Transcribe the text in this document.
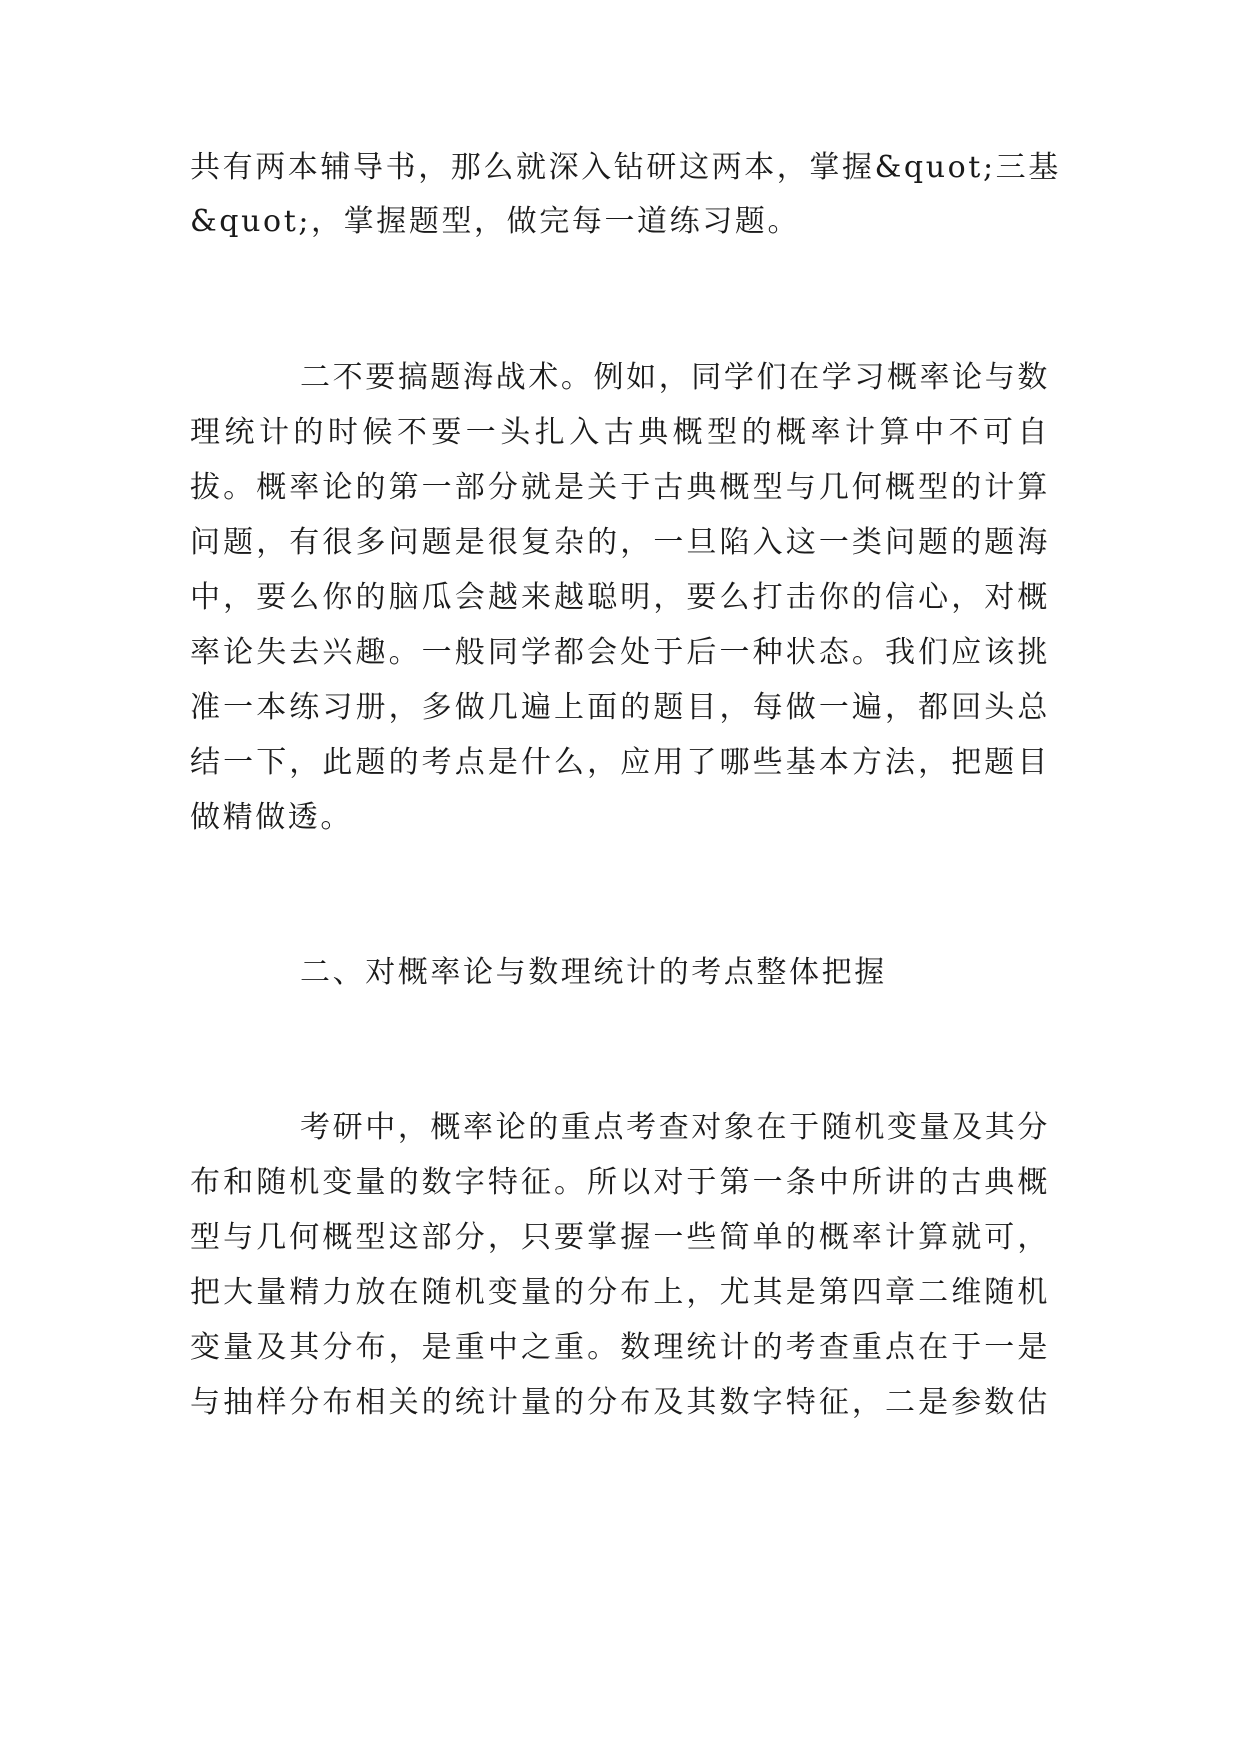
共有两本辅导书，那么就深入钻研这两本，掌握&quot;三基
&quot;，掌握题型，做完每一道练习题。
二不要搞题海战术。例如，同学们在学习概率论与数
理统计的时候不要一头扎入古典概型的概率计算中不可自
拔。概率论的第一部分就是关于古典概型与几何概型的计算
问题，有很多问题是很复杂的，一旦陷入这一类问题的题海
中，要么你的脑瓜会越来越聪明，要么打击你的信心，对概
率论失去兴趣。一般同学都会处于后一种状态。我们应该挑
准一本练习册，多做几遍上面的题目，每做一遍，都回头总
结一下，此题的考点是什么，应用了哪些基本方法，把题目
做精做透。
二、对概率论与数理统计的考点整体把握
考研中，概率论的重点考查对象在于随机变量及其分
布和随机变量的数字特征。所以对于第一条中所讲的古典概
型与几何概型这部分，只要掌握一些简单的概率计算就可，
把大量精力放在随机变量的分布上，尤其是第四章二维随机
变量及其分布，是重中之重。数理统计的考查重点在于一是
与抽样分布相关的统计量的分布及其数字特征，二是参数估
